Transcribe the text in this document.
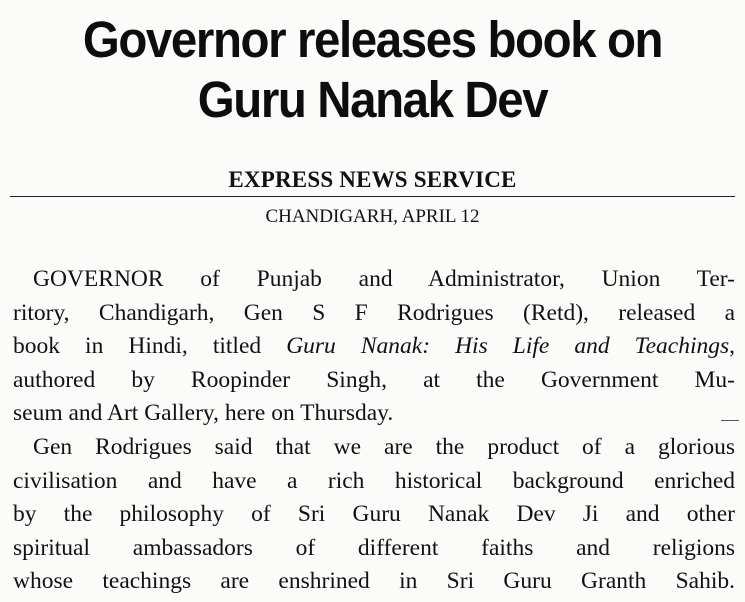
Governor releases book on
Guru Nanak Dev
EXPRESS NEWS SERVICE
CHANDIGARH, APRIL 12
GOVERNOR of Punjab and Administrator, Union Ter-
ritory, Chandigarh, Gen S F Rodrigues (Retd), released a
book in Hindi, titled Guru Nanak: His Life and Teachings,
authored by Roopinder Singh, at the Government Mu-
seum and Art Gallery, here on Thursday.
Gen Rodrigues said that we are the product of a glorious
civilisation and have a rich historical background enriched
by the philosophy of Sri Guru Nanak Dev Ji and other
spiritual ambassadors of different faiths and religions
whose teachings are enshrined in Sri Guru Granth Sahib.
